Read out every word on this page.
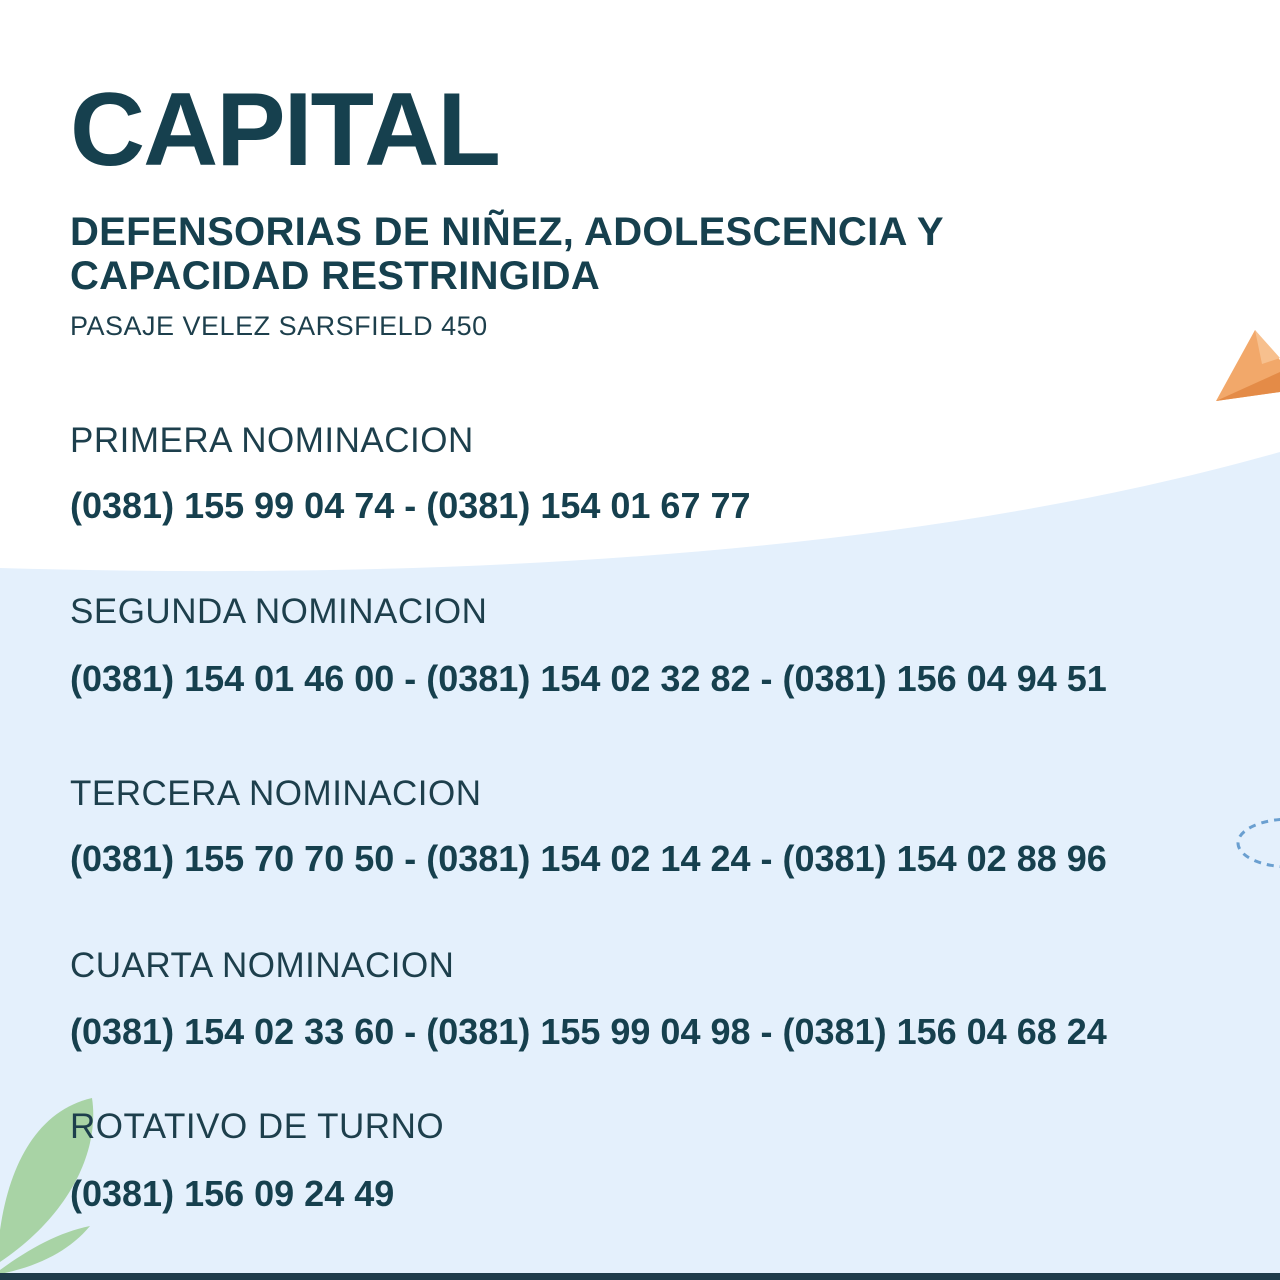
CAPITAL
DEFENSORIAS DE NIÑEZ, ADOLESCENCIA Y
CAPACIDAD RESTRINGIDA
PASAJE VELEZ SARSFIELD 450
PRIMERA NOMINACION
(0381) 155 99 04 74 - (0381) 154 01 67 77
SEGUNDA NOMINACION
(0381) 154 01 46 00 - (0381) 154 02 32 82 - (0381) 156 04 94 51
TERCERA NOMINACION
(0381) 155 70 70 50 - (0381) 154 02 14 24 - (0381) 154 02 88 96
CUARTA NOMINACION
(0381) 154 02 33 60 - (0381) 155 99 04 98 - (0381) 156 04 68 24
ROTATIVO DE TURNO
(0381) 156 09 24 49
